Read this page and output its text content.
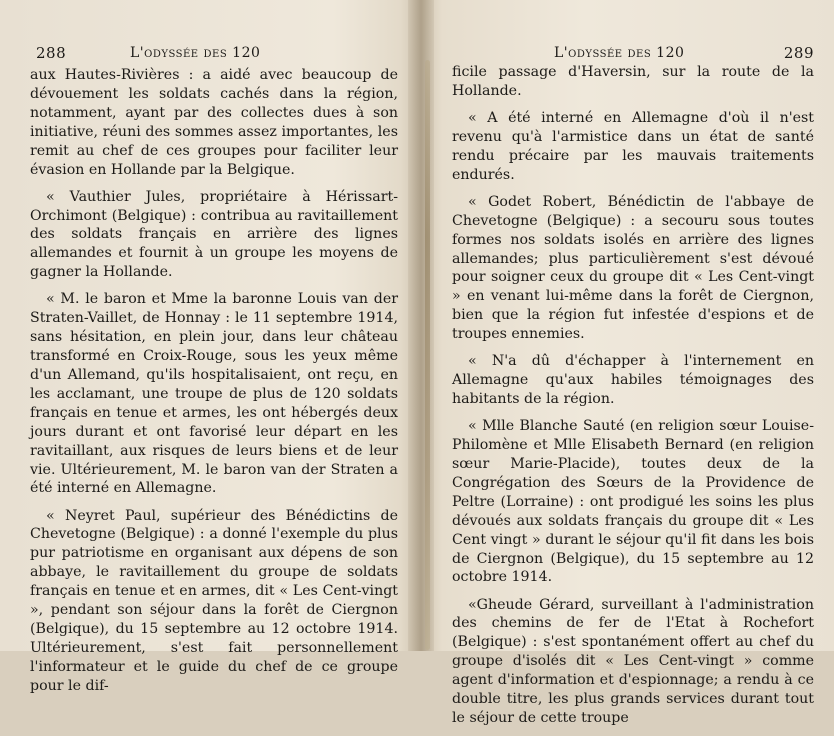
288	L'odyssée des 120

aux Hautes-Rivières : a aidé avec beaucoup de dévouement les soldats cachés dans la région, notamment, ayant par des collectes dues à son initiative, réuni des sommes assez importantes, les remit au chef de ces groupes pour faciliter leur évasion en Hollande par la Belgique.

« Vauthier Jules, propriétaire à Hérissart-Orchimont (Belgique) : contribua au ravitaillement des soldats français en arrière des lignes allemandes et fournit à un groupe les moyens de gagner la Hollande.

« M. le baron et Mme la baronne Louis van der Straten-Vaillet, de Honnay : le 11 septembre 1914, sans hésitation, en plein jour, dans leur château transformé en Croix-Rouge, sous les yeux même d'un Allemand, qu'ils hospitalisaient, ont reçu, en les acclamant, une troupe de plus de 120 soldats français en tenue et armes, les ont hébergés deux jours durant et ont favorisé leur départ en les ravitaillant, aux risques de leurs biens et de leur vie. Ultérieurement, M. le baron van der Straten a été interné en Allemagne.

« Neyret Paul, supérieur des Bénédictins de Chevetogne (Belgique) : a donné l'exemple du plus pur patriotisme en organisant aux dépens de son abbaye, le ravitaillement du groupe de soldats français en tenue et en armes, dit « Les Cent-vingt », pendant son séjour dans la forêt de Ciergnon (Belgique), du 15 septembre au 12 octobre 1914. Ultérieurement, s'est fait personnellement l'informateur et le guide du chef de ce groupe pour le dif-

L'odyssée des 120	289

ficile passage d'Haversin, sur la route de la Hollande.

« A été interné en Allemagne d'où il n'est revenu qu'à l'armistice dans un état de santé rendu précaire par les mauvais traitements endurés.

« Godet Robert, Bénédictin de l'abbaye de Chevetogne (Belgique) : a secouru sous toutes formes nos soldats isolés en arrière des lignes allemandes; plus particulièrement s'est dévoué pour soigner ceux du groupe dit « Les Cent-vingt » en venant lui-même dans la forêt de Ciergnon, bien que la région fut infestée d'espions et de troupes ennemies.

« N'a dû d'échapper à l'internement en Allemagne qu'aux habiles témoignages des habitants de la région.

« Mlle Blanche Sauté (en religion sœur Louise-Philomène et Mlle Elisabeth Bernard (en religion sœur Marie-Placide), toutes deux de la Congrégation des Sœurs de la Providence de Peltre (Lorraine) : ont prodigué les soins les plus dévoués aux soldats français du groupe dit « Les Cent vingt » durant le séjour qu'il fit dans les bois de Ciergnon (Belgique), du 15 septembre au 12 octobre 1914.

«Gheude Gérard, surveillant à l'administration des chemins de fer de l'Etat à Rochefort (Belgique) : s'est spontanément offert au chef du groupe d'isolés dit « Les Cent-vingt » comme agent d'information et d'espionnage; a rendu à ce double titre, les plus grands services durant tout le séjour de cette troupe
